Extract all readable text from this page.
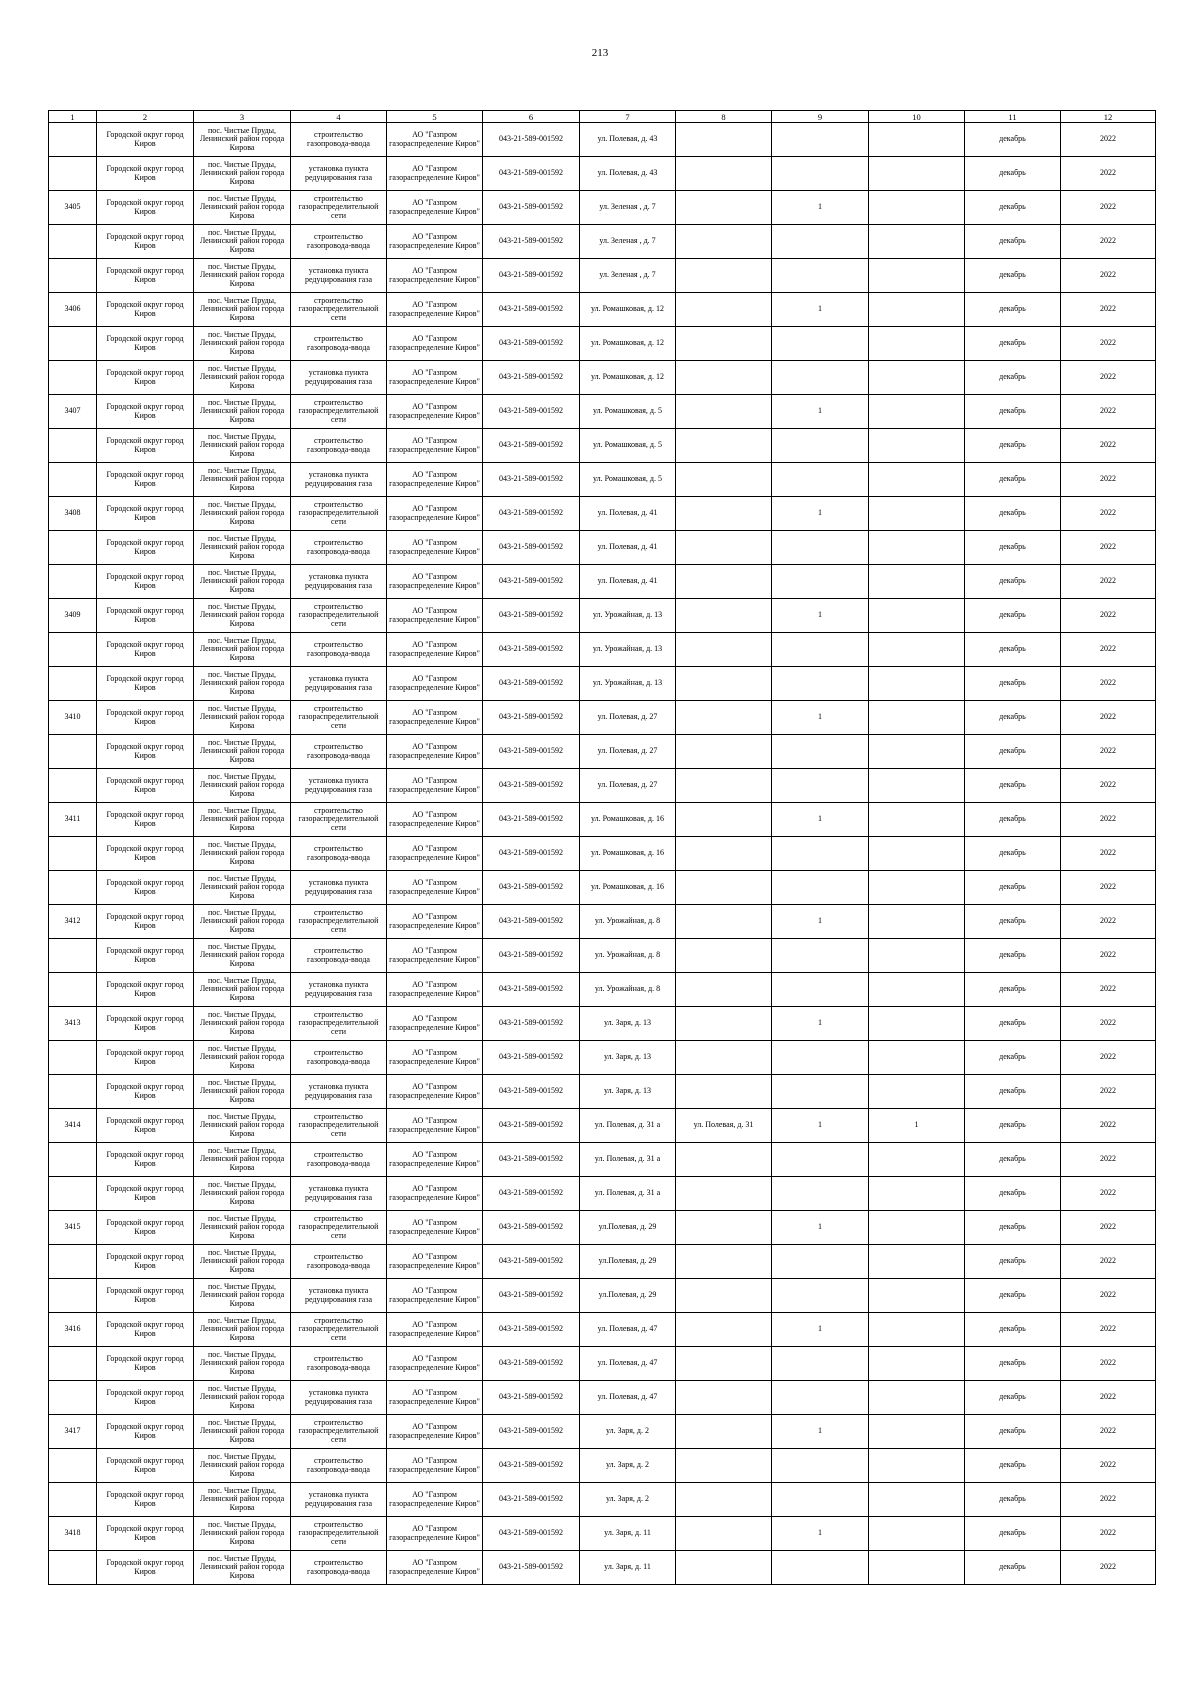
213
1	2	3	4	5	6	7	8	9	10	11	12

	Городской округ город Киров	пос. Чистые Пруды, Ленинский район города Кирова	строительство газопровода-ввода	АО "Газпром газораспределение Киров"	043-21-589-001592	ул. Полевая, д. 43				декабрь	2022

	Городской округ город Киров	пос. Чистые Пруды, Ленинский район города Кирова	установка пункта редуцирования газа	АО "Газпром газораспределение Киров"	043-21-589-001592	ул. Полевая, д. 43				декабрь	2022

3405	Городской округ город Киров	пос. Чистые Пруды, Ленинский район города Кирова	строительство газораспределительной сети	АО "Газпром газораспределение Киров"	043-21-589-001592	ул. Зеленая , д. 7		1		декабрь	2022

	Городской округ город Киров	пос. Чистые Пруды, Ленинский район города Кирова	строительство газопровода-ввода	АО "Газпром газораспределение Киров"	043-21-589-001592	ул. Зеленая , д. 7				декабрь	2022

	Городской округ город Киров	пос. Чистые Пруды, Ленинский район города Кирова	установка пункта редуцирования газа	АО "Газпром газораспределение Киров"	043-21-589-001592	ул. Зеленая , д. 7				декабрь	2022

3406	Городской округ город Киров	пос. Чистые Пруды, Ленинский район города Кирова	строительство газораспределительной сети	АО "Газпром газораспределение Киров"	043-21-589-001592	ул. Ромашковая, д. 12		1		декабрь	2022

	Городской округ город Киров	пос. Чистые Пруды, Ленинский район города Кирова	строительство газопровода-ввода	АО "Газпром газораспределение Киров"	043-21-589-001592	ул. Ромашковая, д. 12				декабрь	2022

	Городской округ город Киров	пос. Чистые Пруды, Ленинский район города Кирова	установка пункта редуцирования газа	АО "Газпром газораспределение Киров"	043-21-589-001592	ул. Ромашковая, д. 12				декабрь	2022

3407	Городской округ город Киров	пос. Чистые Пруды, Ленинский район города Кирова	строительство газораспределительной сети	АО "Газпром газораспределение Киров"	043-21-589-001592	ул. Ромашковая, д. 5		1		декабрь	2022

	Городской округ город Киров	пос. Чистые Пруды, Ленинский район города Кирова	строительство газопровода-ввода	АО "Газпром газораспределение Киров"	043-21-589-001592	ул. Ромашковая, д. 5				декабрь	2022

	Городской округ город Киров	пос. Чистые Пруды, Ленинский район города Кирова	установка пункта редуцирования газа	АО "Газпром газораспределение Киров"	043-21-589-001592	ул. Ромашковая, д. 5				декабрь	2022

3408	Городской округ город Киров	пос. Чистые Пруды, Ленинский район города Кирова	строительство газораспределительной сети	АО "Газпром газораспределение Киров"	043-21-589-001592	ул. Полевая, д. 41		1		декабрь	2022

	Городской округ город Киров	пос. Чистые Пруды, Ленинский район города Кирова	строительство газопровода-ввода	АО "Газпром газораспределение Киров"	043-21-589-001592	ул. Полевая, д. 41				декабрь	2022

	Городской округ город Киров	пос. Чистые Пруды, Ленинский район города Кирова	установка пункта редуцирования газа	АО "Газпром газораспределение Киров"	043-21-589-001592	ул. Полевая, д. 41				декабрь	2022

3409	Городской округ город Киров	пос. Чистые Пруды, Ленинский район города Кирова	строительство газораспределительной сети	АО "Газпром газораспределение Киров"	043-21-589-001592	ул. Урожайная, д. 13		1		декабрь	2022

	Городской округ город Киров	пос. Чистые Пруды, Ленинский район города Кирова	строительство газопровода-ввода	АО "Газпром газораспределение Киров"	043-21-589-001592	ул. Урожайная, д. 13				декабрь	2022

	Городской округ город Киров	пос. Чистые Пруды, Ленинский район города Кирова	установка пункта редуцирования газа	АО "Газпром газораспределение Киров"	043-21-589-001592	ул. Урожайная, д. 13				декабрь	2022

3410	Городской округ город Киров	пос. Чистые Пруды, Ленинский район города Кирова	строительство газораспределительной сети	АО "Газпром газораспределение Киров"	043-21-589-001592	ул. Полевая, д. 27		1		декабрь	2022

	Городской округ город Киров	пос. Чистые Пруды, Ленинский район города Кирова	строительство газопровода-ввода	АО "Газпром газораспределение Киров"	043-21-589-001592	ул. Полевая, д. 27				декабрь	2022

	Городской округ город Киров	пос. Чистые Пруды, Ленинский район города Кирова	установка пункта редуцирования газа	АО "Газпром газораспределение Киров"	043-21-589-001592	ул. Полевая, д. 27				декабрь	2022

3411	Городской округ город Киров	пос. Чистые Пруды, Ленинский район города Кирова	строительство газораспределительной сети	АО "Газпром газораспределение Киров"	043-21-589-001592	ул. Ромашковая, д. 16		1		декабрь	2022

	Городской округ город Киров	пос. Чистые Пруды, Ленинский район города Кирова	строительство газопровода-ввода	АО "Газпром газораспределение Киров"	043-21-589-001592	ул. Ромашковая, д. 16				декабрь	2022

	Городской округ город Киров	пос. Чистые Пруды, Ленинский район города Кирова	установка пункта редуцирования газа	АО "Газпром газораспределение Киров"	043-21-589-001592	ул. Ромашковая, д. 16				декабрь	2022

3412	Городской округ город Киров	пос. Чистые Пруды, Ленинский район города Кирова	строительство газораспределительной сети	АО "Газпром газораспределение Киров"	043-21-589-001592	ул. Урожайная, д. 8		1		декабрь	2022

	Городской округ город Киров	пос. Чистые Пруды, Ленинский район города Кирова	строительство газопровода-ввода	АО "Газпром газораспределение Киров"	043-21-589-001592	ул. Урожайная, д. 8				декабрь	2022

	Городской округ город Киров	пос. Чистые Пруды, Ленинский район города Кирова	установка пункта редуцирования газа	АО "Газпром газораспределение Киров"	043-21-589-001592	ул. Урожайная, д. 8				декабрь	2022

3413	Городской округ город Киров	пос. Чистые Пруды, Ленинский район города Кирова	строительство газораспределительной сети	АО "Газпром газораспределение Киров"	043-21-589-001592	ул. Заря, д. 13		1		декабрь	2022

	Городской округ город Киров	пос. Чистые Пруды, Ленинский район города Кирова	строительство газопровода-ввода	АО "Газпром газораспределение Киров"	043-21-589-001592	ул. Заря, д. 13				декабрь	2022

	Городской округ город Киров	пос. Чистые Пруды, Ленинский район города Кирова	установка пункта редуцирования газа	АО "Газпром газораспределение Киров"	043-21-589-001592	ул. Заря, д. 13				декабрь	2022

3414	Городской округ город Киров	пос. Чистые Пруды, Ленинский район города Кирова	строительство газораспределительной сети	АО "Газпром газораспределение Киров"	043-21-589-001592	ул. Полевая, д. 31 а	ул. Полевая, д. 31	1	1	декабрь	2022

	Городской округ город Киров	пос. Чистые Пруды, Ленинский район города Кирова	строительство газопровода-ввода	АО "Газпром газораспределение Киров"	043-21-589-001592	ул. Полевая, д. 31 а				декабрь	2022

	Городской округ город Киров	пос. Чистые Пруды, Ленинский район города Кирова	установка пункта редуцирования газа	АО "Газпром газораспределение Киров"	043-21-589-001592	ул. Полевая, д. 31 а				декабрь	2022

3415	Городской округ город Киров	пос. Чистые Пруды, Ленинский район города Кирова	строительство газораспределительной сети	АО "Газпром газораспределение Киров"	043-21-589-001592	ул.Полевая, д. 29		1		декабрь	2022

	Городской округ город Киров	пос. Чистые Пруды, Ленинский район города Кирова	строительство газопровода-ввода	АО "Газпром газораспределение Киров"	043-21-589-001592	ул.Полевая, д. 29				декабрь	2022

	Городской округ город Киров	пос. Чистые Пруды, Ленинский район города Кирова	установка пункта редуцирования газа	АО "Газпром газораспределение Киров"	043-21-589-001592	ул.Полевая, д. 29				декабрь	2022

3416	Городской округ город Киров	пос. Чистые Пруды, Ленинский район города Кирова	строительство газораспределительной сети	АО "Газпром газораспределение Киров"	043-21-589-001592	ул. Полевая, д. 47		1		декабрь	2022

	Городской округ город Киров	пос. Чистые Пруды, Ленинский район города Кирова	строительство газопровода-ввода	АО "Газпром газораспределение Киров"	043-21-589-001592	ул. Полевая, д. 47				декабрь	2022

	Городской округ город Киров	пос. Чистые Пруды, Ленинский район города Кирова	установка пункта редуцирования газа	АО "Газпром газораспределение Киров"	043-21-589-001592	ул. Полевая, д. 47				декабрь	2022

3417	Городской округ город Киров	пос. Чистые Пруды, Ленинский район города Кирова	строительство газораспределительной сети	АО "Газпром газораспределение Киров"	043-21-589-001592	ул. Заря, д. 2		1		декабрь	2022

	Городской округ город Киров	пос. Чистые Пруды, Ленинский район города Кирова	строительство газопровода-ввода	АО "Газпром газораспределение Киров"	043-21-589-001592	ул. Заря, д. 2				декабрь	2022

	Городской округ город Киров	пос. Чистые Пруды, Ленинский район города Кирова	установка пункта редуцирования газа	АО "Газпром газораспределение Киров"	043-21-589-001592	ул. Заря, д. 2				декабрь	2022

3418	Городской округ город Киров	пос. Чистые Пруды, Ленинский район города Кирова	строительство газораспределительной сети	АО "Газпром газораспределение Киров"	043-21-589-001592	ул. Заря, д. 11		1		декабрь	2022

	Городской округ город Киров	пос. Чистые Пруды, Ленинский район города Кирова	строительство газопровода-ввода	АО "Газпром газораспределение Киров"	043-21-589-001592	ул. Заря, д. 11				декабрь	2022
